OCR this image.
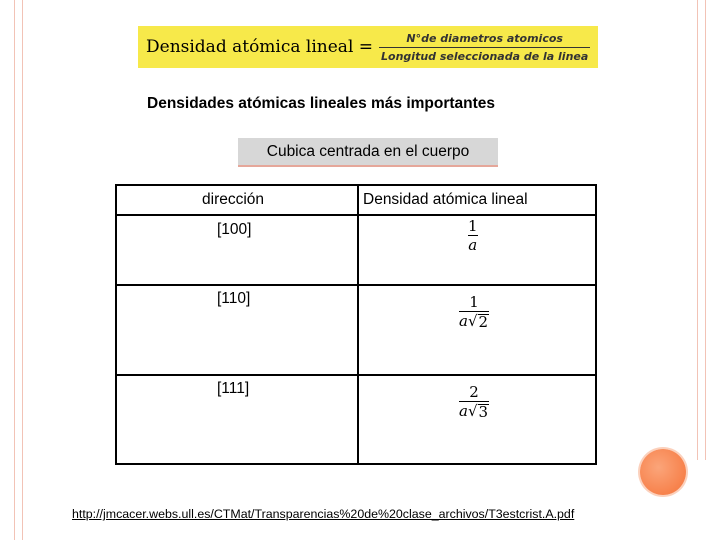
Densidad atómica lineal = $\frac{\text{N°de diametros atomicos}}{\text{Longitud seleccionada de la linea}}$
Densidades atómicas lineales más importantes
Cubica centrada en el cuerpo
dirección	Densidad atómica lineal
[100]	1
a
[110]	1
a √ 2
[111]	2
a √ 3
http://jmcacer.webs.ull.es/CTMat/Transparencias%20de%20clase_archivos/T3estcrist.A.pdf
